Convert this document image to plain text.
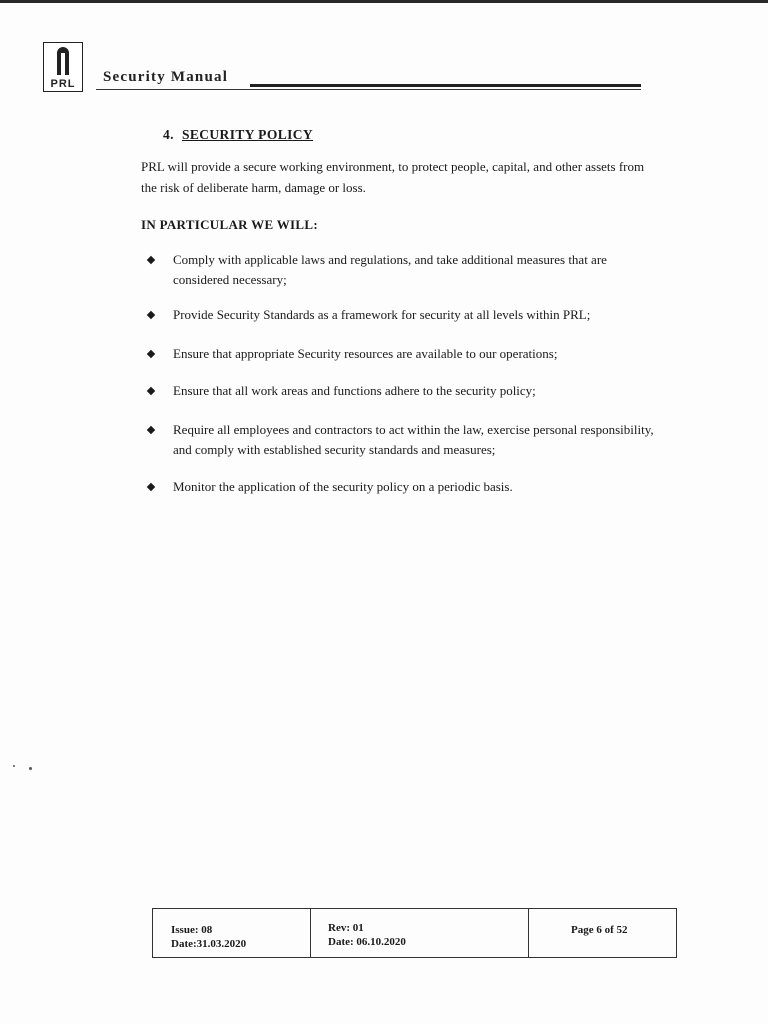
PRL	Security Manual
4. SECURITY POLICY
PRL will provide a secure working environment, to protect people, capital, and other assets from the risk of deliberate harm, damage or loss.
IN PARTICULAR WE WILL:
Comply with applicable laws and regulations, and take additional measures that are considered necessary;
Provide Security Standards as a framework for security at all levels within PRL;
Ensure that appropriate Security resources are available to our operations;
Ensure that all work areas and functions adhere to the security policy;
Require all employees and contractors to act within the law, exercise personal responsibility, and comply with established security standards and measures;
Monitor the application of the security policy on a periodic basis.
Issue: 08
Date:31.03.2020
Rev: 01
Date: 06.10.2020
Page 6 of 52
